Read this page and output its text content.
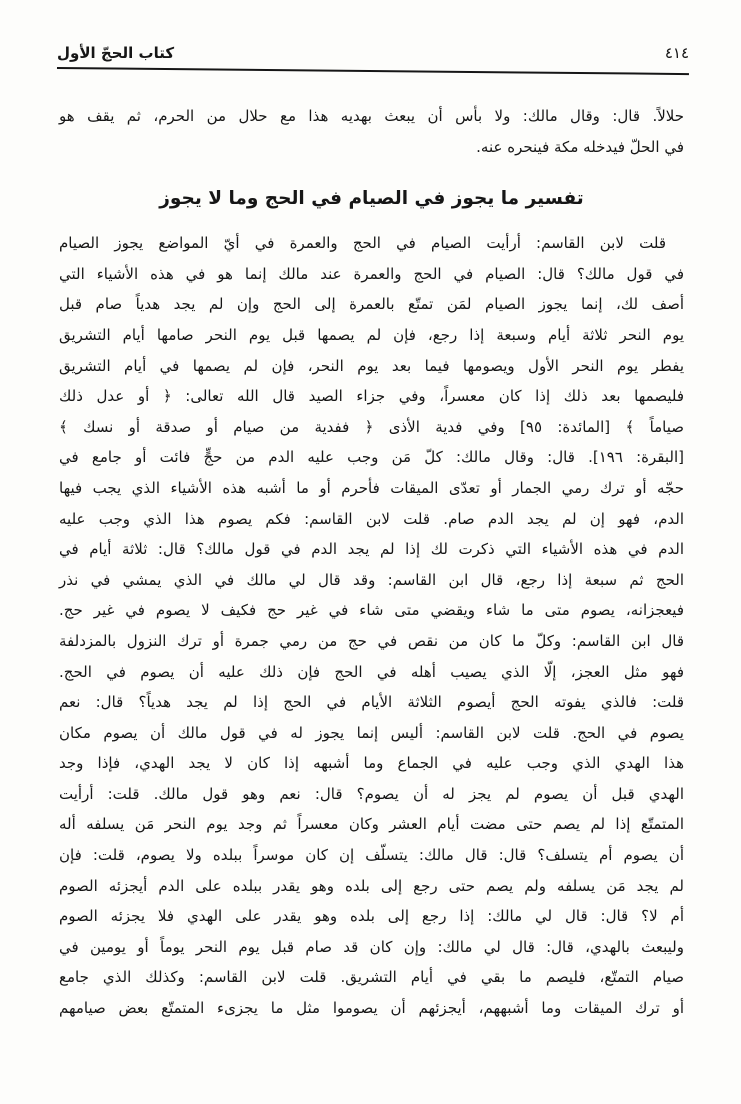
كتاب الحجّ الأول	٤١٤
حلالاً. قال: وقال مالك: ولا بأس أن يبعث بهديه هذا مع حلال من الحرم، ثم يقف هو
في الحلّ فيدخله مكة فينحره عنه.
تفسير ما يجوز في الصيام في الحج وما لا يجوز
قلت لابن القاسم: أرأيت الصيام في الحج والعمرة في أيّ المواضع يجوز الصيام
في قول مالك؟ قال: الصيام في الحج والعمرة عند مالك إنما هو في هذه الأشياء التي
أصف لك، إنما يجوز الصيام لمَن تمتّع بالعمرة إلى الحج وإن لم يجد هدياً صام قبل
يوم النحر ثلاثة أيام وسبعة إذا رجع، فإن لم يصمها قبل يوم النحر صامها أيام التشريق
يفطر يوم النحر الأول ويصومها فيما بعد يوم النحر، فإن لم يصمها في أيام التشريق
فليصمها بعد ذلك إذا كان معسراً، وفي جزاء الصيد قال الله تعالى: ﴿ أو عدل ذلك
صياماً ﴾ [المائدة: ٩٥] وفي فدية الأذى ﴿ ففدية من صيام أو صدقة أو نسك ﴾
[البقرة: ١٩٦]. قال: وقال مالك: كلّ مَن وجب عليه الدم من حجٍّ فائت أو جامع في
حجّه أو ترك رمي الجمار أو تعدّى الميقات فأحرم أو ما أشبه هذه الأشياء الذي يجب فيها
الدم، فهو إن لم يجد الدم صام. قلت لابن القاسم: فكم يصوم هذا الذي وجب عليه
الدم في هذه الأشياء التي ذكرت لك إذا لم يجد الدم في قول مالك؟ قال: ثلاثة أيام في
الحج ثم سبعة إذا رجع، قال ابن القاسم: وقد قال لي مالك في الذي يمشي في نذر
فيعجزانه، يصوم متى ما شاء ويقضي متى شاء في غير حج فكيف لا يصوم في غير حج.
قال ابن القاسم: وكلّ ما كان من نقص في حج من رمي جمرة أو ترك النزول بالمزدلفة
فهو مثل العجز، إلّا الذي يصيب أهله في الحج فإن ذلك عليه أن يصوم في الحج.
قلت: فالذي يفوته الحج أيصوم الثلاثة الأيام في الحج إذا لم يجد هدياً؟ قال: نعم
يصوم في الحج. قلت لابن القاسم: أليس إنما يجوز له في قول مالك أن يصوم مكان
هذا الهدي الذي وجب عليه في الجماع وما أشبهه إذا كان لا يجد الهدي، فإذا وجد
الهدي قبل أن يصوم لم يجز له أن يصوم؟ قال: نعم وهو قول مالك. قلت: أرأيت
المتمتّع إذا لم يصم حتى مضت أيام العشر وكان معسراً ثم وجد يوم النحر مَن يسلفه أله
أن يصوم أم يتسلف؟ قال: قال مالك: يتسلّف إن كان موسراً ببلده ولا يصوم، قلت: فإن
لم يجد مَن يسلفه ولم يصم حتى رجع إلى بلده وهو يقدر ببلده على الدم أيجزئه الصوم
أم لا؟ قال: قال لي مالك: إذا رجع إلى بلده وهو يقدر على الهدي فلا يجزئه الصوم
وليبعث بالهدي، قال: قال لي مالك: وإن كان قد صام قبل يوم النحر يوماً أو يومين في
صيام التمتّع، فليصم ما بقي في أيام التشريق. قلت لابن القاسم: وكذلك الذي جامع
أو ترك الميقات وما أشبههم، أيجزئهم أن يصوموا مثل ما يجزىء المتمتّع بعض صيامهم
